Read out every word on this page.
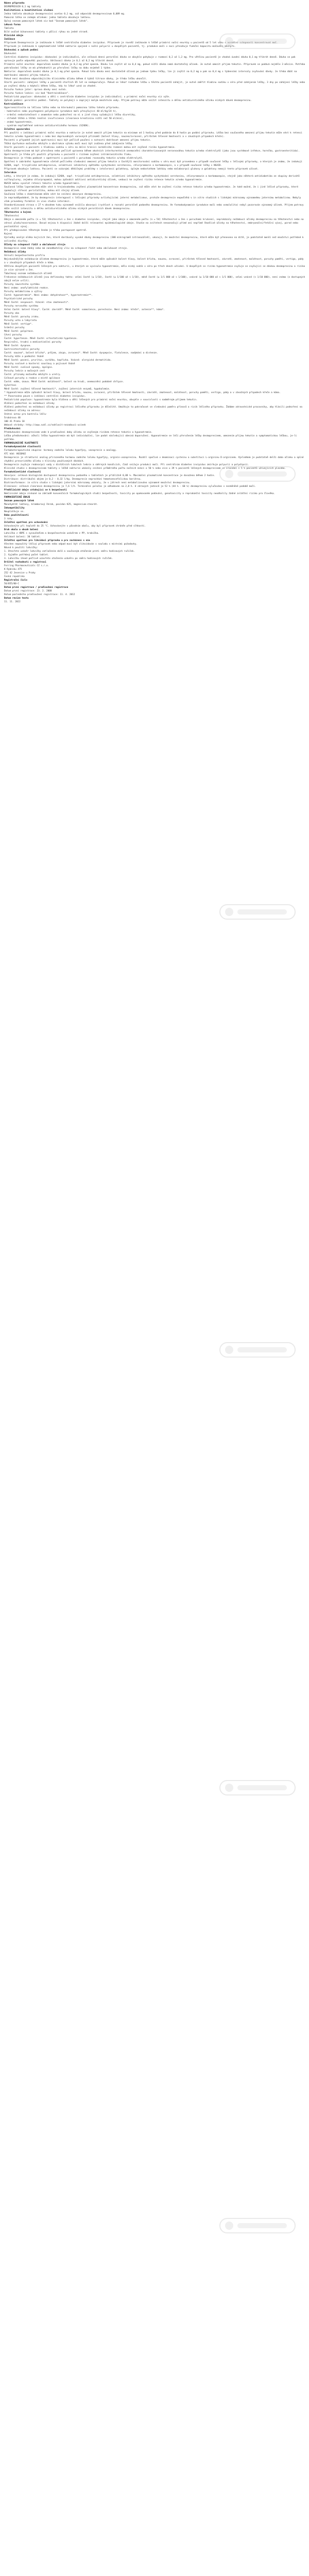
Název přípravku

DESMOPRESSIN 0,1 mg tablety

Kvalitativní a kvantitativní složení

Jedna tableta obsahuje desmopressini acetas 0,1 mg, což odpovídá desmopressinum 0,089 mg.

Pomocná látka se známým účinkem: jedna tableta obsahuje laktosu.

Úplný seznam pomocných látek viz bod "Seznam pomocných látek".

Léková forma

Tableta

Bílé oválné bikonvexní tablety s půlicí rýhou na jedné straně.

Klinické údaje

Indikace

Přípravek Desmopressin je indikován k léčbě centrálního diabetes insipidus. Přípravek je rovněž indikován k léčbě primární noční enurézy u pacientů od 5 let věku s normální schopností koncentrovat moč.

Přípravek je indikován k symptomatické léčbě nokturie spojené s noční polyurií u dospělých pacientů, tj. produkce moči v noci přesahuje funkční kapacitu močového měchýře.

Dávkování a způsob podání

Dávkování

Centrální diabetes insipidus: dávkování je individuální, ale celková denní perorální dávka se obvykle pohybuje v rozmezí 0,2 až 1,2 mg. Pro většinu pacientů je vhodná úvodní dávka 0,1 mg třikrát denně. Dávka se pak upravuje podle odpovědi pacienta. Udržovací dávka je 0,1 až 0,2 mg třikrát denně.

Primární noční enuréza: doporučená úvodní dávka je 0,2 mg před spaním. Dávku lze zvýšit až na 0,4 mg, pokud nižší dávka nemá dostatečný účinek. Je nutné omezit příjem tekutin. Přípravek se podává nejdéle 3 měsíce. Potřeba pokračování léčby se má přehodnotit po přerušení léčby na dobu nejméně 1 týdne.

Nokturie: doporučená úvodní dávka je 0,1 mg před spaním. Pokud tato dávka není dostatečně účinná po jednom týdnu léčby, lze ji zvýšit na 0,2 mg a pak na 0,4 mg s týdenními intervaly zvyšování dávky. Je třeba dbát na dodržování omezení příjmu tekutin.

Pokud není dosaženo odpovídajícího klinického účinku během 4 týdnů titrace dávky, je třeba léčbu ukončit.

Starší pacienti: zahájení léčby u pacientů starších 65 let se nedoporučuje. Pokud se lékař rozhodne léčbu u těchto pacientů zahájit, je nutné změřit hladinu sodíku v séru před zahájením léčby, 3 dny po zahájení léčby nebo po zvýšení dávky a kdykoli během léčby, kdy to lékař uzná za vhodné.

Porucha funkce jater: úprava dávky není nutná.

Porucha funkce ledvin: viz bod "Kontraindikace".

Pediatrická populace: dávkování u dětí s centrálním diabetes insipidus je individuální; u primární noční enurézy viz výše.

Způsob podání: perorální podání. Tablety se polykají a zapíjejí malým množstvím vody. Příjem potravy může snížit intenzitu a délku antidiuretického účinku nízkých dávek desmopresinu.

Kontraindikace

Hypersenzitivita na léčivou látku nebo na kteroukoli pomocnou látku tohoto přípravku.

- habituální nebo psychogenní polydipsie (produkce moči převyšující 40 ml/kg/24 h),

- srdeční nedostatečnost v anamnéze nebo podezření na ni a jiné stavy vyžadující léčbu diuretiky,

- středně těžká a těžká renální insuficience (clearance kreatininu nižší než 50 ml/min),

- známá hyponatremie,

- syndrom nepřiměřené sekrece antidiuretického hormonu (SIADH).

Zvláštní upozornění

Při použití v indikaci primární noční enuréza a nokturie je nutné omezit příjem tekutin na minimum od 1 hodiny před podáním do 8 hodin po podání přípravku. Léčba bez současného omezení příjmu tekutin může vést k retenci tekutin a/nebo hyponatremii s nebo bez doprovodných varovných příznaků (bolest hlavy, nauzea/zvracení, přírůstek tělesné hmotnosti a v závažných případech křeče).

Pacienti a případně jejich opatrovníci musí být pečlivě poučeni o nutnosti dodržovat omezení příjmu tekutin.

Těžká dysfunkce močového měchýře a obstrukce výtoku moči musí být zvážena před zahájením léčby.

Starší pacienti a pacienti s hladinou sodíku v séru na dolní hranici normálního rozmezí mohou mít zvýšené riziko hyponatremie.

Léčba desmopresinem má být přerušena nebo pečlivě upravena během akutních interkurentních onemocnění charakterizovaných nerovnováhou tekutin a/nebo elektrolytů (jako jsou systémové infekce, horečka, gastroenteritida).

Opatrnosti je třeba při použití přípravku u pacientů s rizikem zvýšení intrakraniálního tlaku.

Desmopresin je třeba podávat s opatrností u pacientů s poruchami rovnováhy tekutin a/nebo elektrolytů.

Opatření k zabránění hyponatremie včetně pečlivého sledování omezení příjmu tekutin a častější monitorování sodíku v séru musí být provedena v případě současné léčby s léčivými přípravky, o kterých je známo, že indukují SIADH, např. tricyklická antidepresiva, selektivní inhibitory zpětného vychytávání serotoninu, chlorpromazin a karbamazepin, a v případě současné léčby s NSAID.

Přípravek obsahuje laktosu. Pacienti se vzácnými dědičnými problémy s intolerancí galaktosy, úplným nedostatkem laktázy nebo malabsorpcí glukosy a galaktosy nemají tento přípravek užívat.

Interakce

Látky, o kterých je známo, že indukují SIADH, např. tricyklická antidepresiva, selektivní inhibitory zpětného vychytávání serotoninu, chlorpromazin a karbamazepin, stejně jako některá antidiabetika ze skupiny derivátů sulfonylurey, zejména chlorpropamid, mohou způsobit aditivní antidiuretický účinek, vedoucí ke zvýšení rizika retence tekutin a/nebo hyponatremie.

NSAID mohou vyvolat retenci tekutin a/nebo hyponatremii.

Současná léčba loperamidem může vést k trojnásobnému zvýšení plazmatické koncentrace desmopresinu, což může vést ke zvýšení rizika retence tekutin a/nebo hyponatremie. Je také možné, že i jiné léčivé přípravky, které zpomalují střevní peristaltiku, mohou mít stejný účinek.

Současná léčba s dimetikonem může vést ke snížení absorpce desmopresinu.

Je nepravděpodobné, že by desmopresin interagoval s léčivými přípravky ovlivňujícími jaterní metabolismus, protože desmopresin nepodléhá v in vitro studiích s lidskými mikrozomy významnému jaternímu metabolismu. Nebyly však provedeny formální in vivo studie interakcí.

Standardizovaná strava s 27 % obsahem tuku významně snížila absorpci (rychlost a rozsah) perorálně podaného desmopresinu. Ve farmakodynamice (produkce moči nebo osmolalita) nebyl pozorován významný účinek. Příjem potravy může snížit intenzitu a délku antidiuretického účinku nízkých perorálních dávek desmopresinu.

Těhotenství a kojení

Těhotenství

Údaje o omezeném počtu (n = 53) těhotenství u žen s diabetes insipidus, stejně jako údaje o omezeném počtu (n = 54) těhotenství u žen s poruchami krvácení, neprokázaly nežádoucí účinky desmopresinu na těhotenství nebo na zdraví plodu/novorozence. Dosud nejsou k dispozici žádné další relevantní epidemiologické údaje. Studie na zvířatech nenaznačují přímé ani nepřímé škodlivé účinky na těhotenství, embryonální/fetální vývoj, porod nebo postnatální vývoj.

Při předepisování těhotným ženám je třeba postupovat opatrně.

Kojení

Výsledky analýz mléka kojících žen, které dostávaly vysoké dávky desmopresinu (300 mikrogramů intranazálně), ukazují, že množství desmopresinu, které může být přeneseno na dítě, je podstatně menší než množství potřebné k ovlivnění diurézy.

Účinky na schopnost řídit a obsluhovat stroje

Desmopresin nemá žádný nebo má zanedbatelný vliv na schopnost řídit nebo obsluhovat stroje.

Nežádoucí účinky

Shrnutí bezpečnostního profilu

Nejzávažnějším nežádoucím účinkem desmopresinu je hyponatremie, která může způsobit bolest hlavy, bolest břicha, nauzeu, zvracení, přírůstek tělesné hmotnosti, závratě, zmatenost, malátnost, poruchy paměti, vertigo, pády a v závažných případech křeče a kóma.

Většina dospělých pacientů léčených pro nokturii, u kterých se vyvinula hyponatremie, měla nízký sodík v séru po třech dnech užívání. U dospělých se riziko hyponatremie zvyšuje se zvyšující se dávkou desmopresinu a riziko je více výrazné u žen.

Tabulkový seznam nežádoucích účinků

Frekvence nežádoucích účinků jsou definovány takto: velmi časté (≥ 1/10), časté (≥ 1/100 až < 1/10), méně časté (≥ 1/1 000 až < 1/100), vzácné (≥ 1/10 000 až < 1/1 000), velmi vzácné (< 1/10 000), není známo (z dostupných údajů nelze určit).

Poruchy imunitního systému

Není známo: anafylaktická reakce.

Poruchy metabolismu a výživy

Časté: hyponatremie*. Není známo: dehydratace**, hypernatremie**.

Psychiatrické poruchy

Méně časté: nespavost. Vzácné: stav zmatenosti*.

Poruchy nervového systému

Velmi časté: bolest hlavy*. Časté: závratě*. Méně časté: somnolence, parestezie. Není známo: křeče*, astenie**, kóma*.

Poruchy oka

Méně časté: poruchy zraku.

Poruchy ucha a labyrintu

Méně časté: vertigo*.

Srdeční poruchy

Méně časté: palpitace.

Cévní poruchy

Časté: hypertenze. Méně časté: ortostatická hypotenze.

Respirační, hrudní a mediastinální poruchy

Méně časté: dyspnoe.

Gastrointestinální poruchy

Časté: nauzea*, bolest břicha*, průjem, zácpa, zvracení*. Méně časté: dyspepsie, flatulence, nadýmání a distenze.

Poruchy kůže a podkožní tkáně

Méně časté: pocení, pruritus, vyrážka, kopřivka. Vzácné: alergická dermatitida.

Poruchy svalové a kosterní soustavy a pojivové tkáně

Méně časté: svalové spasmy, myalgie.

Poruchy ledvin a močových cest

Časté: příznaky močového měchýře a uretry.

Celkové poruchy a reakce v místě aplikace

Časté: edém, únava. Méně časté: malátnost*, bolest na hrudi, onemocnění podobné chřipce.

Vyšetření

Méně časté: zvýšení tělesné hmotnosti*, zvýšení jaterních enzymů, hypokalemie.

* Hyponatremie může způsobit bolest hlavy, bolest břicha, nauzeu, zvracení, přírůstek tělesné hmotnosti, závratě, zmatenost, malátnost, poruchy paměti, vertigo, pády a v závažných případech křeče a kóma.

** Pozorováno pouze v indikaci centrální diabetes insipidus.

Pediatrická populace: hyponatremie byla hlášena u dětí léčených pro primární noční enurézu, obvykle v souvislosti s nadměrným příjmem tekutin.

Hlášení podezření na nežádoucí účinky

Hlášení podezření na nežádoucí účinky po registraci léčivého přípravku je důležité. Umožňuje to pokračovat ve sledování poměru přínosů a rizik léčivého přípravku. Žádáme zdravotnické pracovníky, aby hlásili podezření na nežádoucí účinky na adresu:

Státní ústav pro kontrolu léčiv

Šrobárova 48

100 41 Praha 10

Webové stránky: http://www.sukl.cz/nahlasit-nezadouci-ucinek

Předávkování

Předávkování desmopresinem vede k prodloužení doby účinku se zvýšeným rizikem retence tekutin a hyponatremie.

Léčba předávkování: ačkoli léčba hyponatremie má být individuální, lze podat následující obecná doporučení. Hyponatremie se léčí přerušením léčby desmopresinem, omezením příjmu tekutin a symptomatickou léčbou, je-li potřeba.

FARMAKOLOGICKÉ VLASTNOSTI

Farmakodynamické vlastnosti

Farmakoterapeutická skupina: hormony zadního laloku hypofýzy, vazopresin a analogy.

ATC kód: H01BA02

Desmopresin je strukturní analog přirozeného hormonu zadního laloku hypofýzy, arginin-vazopresinu. Rozdíl spočívá v deaminaci cysteinu a substituci L-argininu D-argininem. Výsledkem je podstatně delší doba účinku a úplné chybění presorického účinku v klinicky používaných dávkách.

Desmopresin zvyšuje reabsorpci vody v distálních tubulech ledvin a sběrných kanálcích, čímž snižuje produkci moči. Při centrálním diabetes insipidus zmírňuje polyurii a polydipsii.

Klinické studie s desmopresinem tablety v léčbě nokturie ukázaly snížení průměrného počtu nočních mikcí o 50 % nebo více u 39 % pacientů léčených desmopresinem ve srovnání s 5 % pacientů užívajících placebo.

Farmakokinetické vlastnosti

Absorpce: celková biologická dostupnost desmopresinu podaného v tabletách je přibližně 0,08 %. Maximální plazmatické koncentrace je dosaženo během 2 hodin.

Distribuce: distribuční objem je 0,2 - 0,32 l/kg. Desmopresin neprochází hematoencefalickou bariérou.

Biotransformace: in vitro studie s lidskými jaterními mikrozomy ukázaly, že v játrech není metabolizováno významné množství desmopresinu.

Eliminace: celková clearance desmopresinu je 7,6 l/h. Terminální poločas je odhadován na 2,8 h. U zdravých jedinců je 52 % (44 % - 60 %) desmopresinu vylučováno v nezměněné podobě močí.

Předklinické údaje vztahující se k bezpečnosti

Neklinické údaje získané na základě konvenčních farmakologických studií bezpečnosti, toxicity po opakovaném podávání, genotoxicity a reprodukční toxicity neodhalily žádné zvláštní riziko pro člověka.

FARMACEUTICKÉ ÚDAJE

Seznam pomocných látek

Monohydrát laktosy, bramborový škrob, povidon K25, magnesium-stearát.

Inkompatibility

Neuplatňuje se.

Doba použitelnosti

3 roky.

Zvláštní opatření pro uchovávání

Uchovávejte při teplotě do 25 °C. Uchovávejte v původním obalu, aby byl přípravek chráněn před vlhkostí.

Druh obalu a obsah balení

Lahvička z HDPE s vysoušedlem a bezpečnostním uzávěrem z PP, krabička.

Velikost balení: 30 tablet.

Zvláštní opatření pro likvidaci přípravku a pro zacházení s ním

Všechen nepoužitý léčivý přípravek nebo odpad musí být zlikvidován v souladu s místními požadavky.

Návod k použití lahvičky:

1. Otevřete uzávěr lahvičky zatlačením dolů a současným otáčením proti směru hodinových ručiček.

2. Vyjměte potřebný počet tablet.

3. Lahvičku ihned pečlivě uzavřete otočením uzávěru po směru hodinových ručiček.

Držitel rozhodnutí o registraci

Ferring Pharmaceuticals CZ s.r.o.

K Rybníku 475

252 42 Jesenice u Prahy

Česká republika

Registrační číslo

56/055/00-C

Datum první registrace / prodloužení registrace

Datum první registrace: 23. 2. 2000

Datum posledního prodloužení registrace: 11. 4. 2012

Datum revize textu

11. 11. 2022
